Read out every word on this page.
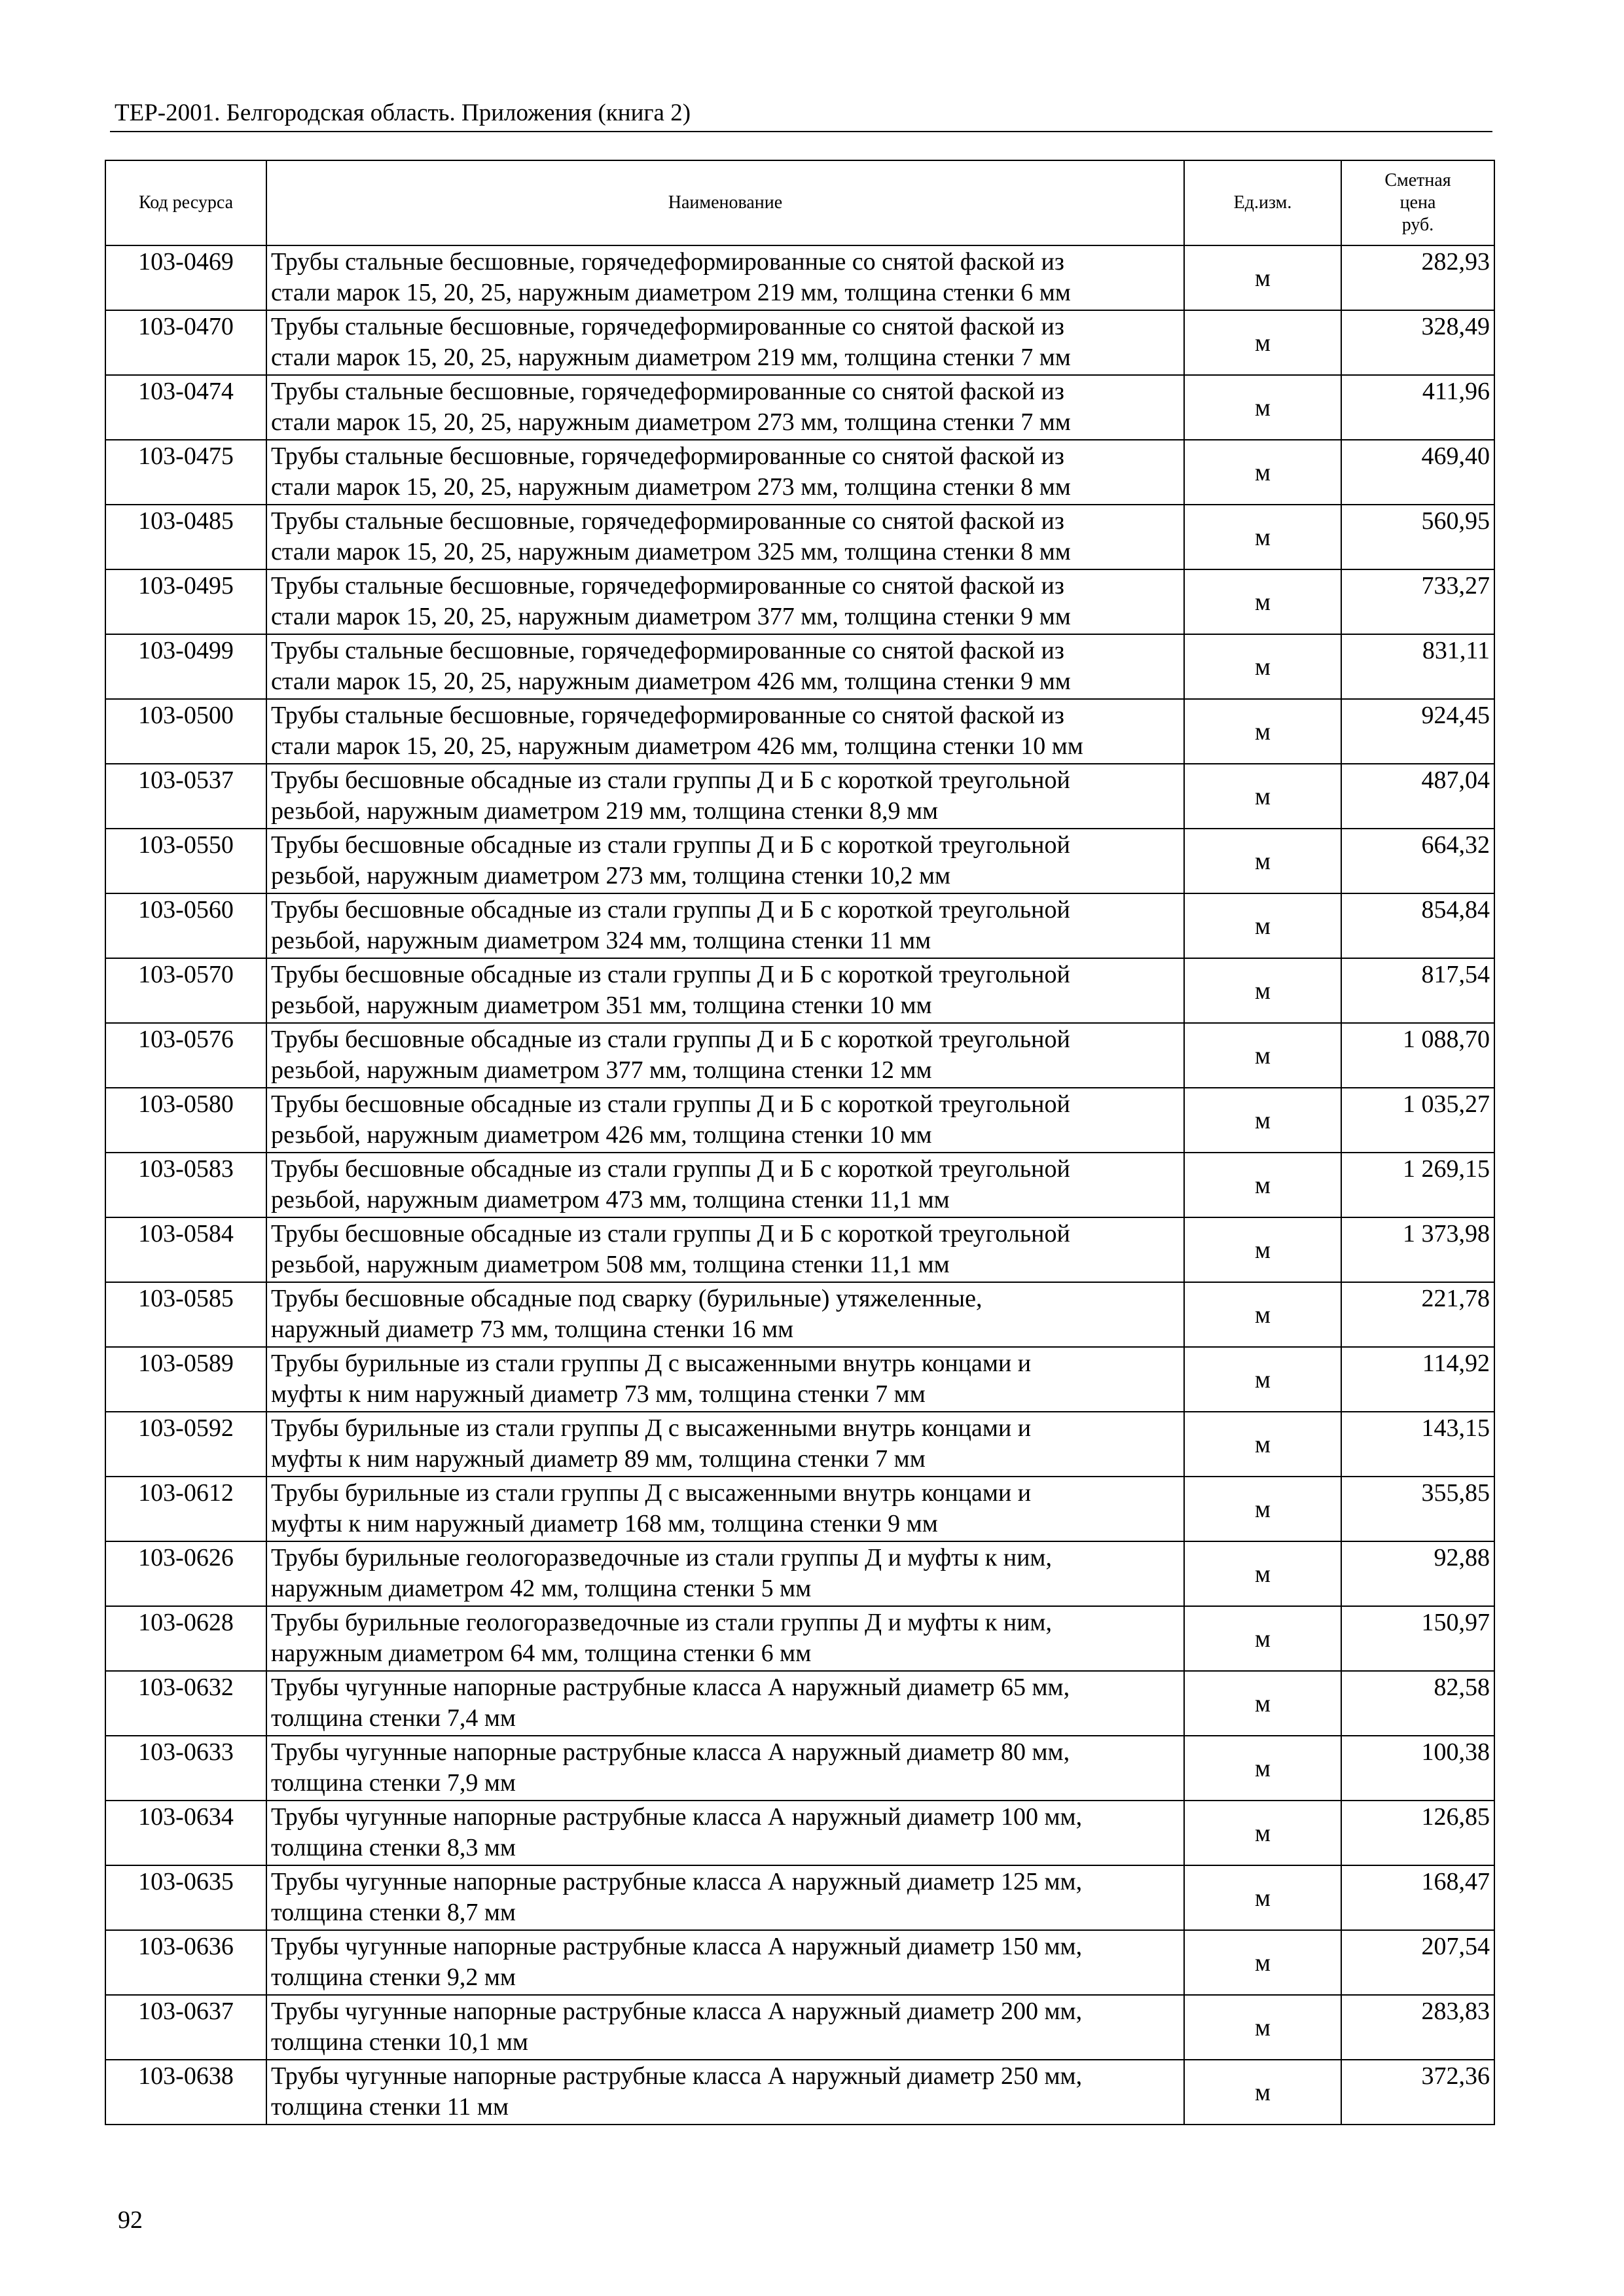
ТЕР-2001. Белгородская область. Приложения (книга 2)
Код ресурса	Наименование	Ед.изм.	Сметная
цена
руб.

103-0469	Трубы стальные бесшовные, горячедеформированные со снятой фаской из
стали марок 15, 20, 25, наружным диаметром 219 мм, толщина стенки 6 мм	м	282,93
103-0470	Трубы стальные бесшовные, горячедеформированные со снятой фаской из
стали марок 15, 20, 25, наружным диаметром 219 мм, толщина стенки 7 мм	м	328,49
103-0474	Трубы стальные бесшовные, горячедеформированные со снятой фаской из
стали марок 15, 20, 25, наружным диаметром 273 мм, толщина стенки 7 мм	м	411,96
103-0475	Трубы стальные бесшовные, горячедеформированные со снятой фаской из
стали марок 15, 20, 25, наружным диаметром 273 мм, толщина стенки 8 мм	м	469,40
103-0485	Трубы стальные бесшовные, горячедеформированные со снятой фаской из
стали марок 15, 20, 25, наружным диаметром 325 мм, толщина стенки 8 мм	м	560,95
103-0495	Трубы стальные бесшовные, горячедеформированные со снятой фаской из
стали марок 15, 20, 25, наружным диаметром 377 мм, толщина стенки 9 мм	м	733,27
103-0499	Трубы стальные бесшовные, горячедеформированные со снятой фаской из
стали марок 15, 20, 25, наружным диаметром 426 мм, толщина стенки 9 мм	м	831,11
103-0500	Трубы стальные бесшовные, горячедеформированные со снятой фаской из
стали марок 15, 20, 25, наружным диаметром 426 мм, толщина стенки 10 мм	м	924,45
103-0537	Трубы бесшовные обсадные из стали группы Д и Б с короткой треугольной
резьбой, наружным диаметром 219 мм, толщина стенки 8,9 мм	м	487,04
103-0550	Трубы бесшовные обсадные из стали группы Д и Б с короткой треугольной
резьбой, наружным диаметром 273 мм, толщина стенки 10,2 мм	м	664,32
103-0560	Трубы бесшовные обсадные из стали группы Д и Б с короткой треугольной
резьбой, наружным диаметром 324 мм, толщина стенки 11 мм	м	854,84
103-0570	Трубы бесшовные обсадные из стали группы Д и Б с короткой треугольной
резьбой, наружным диаметром 351 мм, толщина стенки 10 мм	м	817,54
103-0576	Трубы бесшовные обсадные из стали группы Д и Б с короткой треугольной
резьбой, наружным диаметром 377 мм, толщина стенки 12 мм	м	1 088,70
103-0580	Трубы бесшовные обсадные из стали группы Д и Б с короткой треугольной
резьбой, наружным диаметром 426 мм, толщина стенки 10 мм	м	1 035,27
103-0583	Трубы бесшовные обсадные из стали группы Д и Б с короткой треугольной
резьбой, наружным диаметром 473 мм, толщина стенки 11,1 мм	м	1 269,15
103-0584	Трубы бесшовные обсадные из стали группы Д и Б с короткой треугольной
резьбой, наружным диаметром 508 мм, толщина стенки 11,1 мм	м	1 373,98
103-0585	Трубы бесшовные обсадные под сварку (бурильные) утяжеленные,
наружный диаметр 73 мм, толщина стенки 16 мм	м	221,78
103-0589	Трубы бурильные из стали группы Д с высаженными внутрь концами и
муфты к ним наружный диаметр 73 мм, толщина стенки 7 мм	м	114,92
103-0592	Трубы бурильные из стали группы Д с высаженными внутрь концами и
муфты к ним наружный диаметр 89 мм, толщина стенки 7 мм	м	143,15
103-0612	Трубы бурильные из стали группы Д с высаженными внутрь концами и
муфты к ним наружный диаметр 168 мм, толщина стенки 9 мм	м	355,85
103-0626	Трубы бурильные геологоразведочные из стали группы Д и муфты к ним,
наружным диаметром 42 мм, толщина стенки 5 мм	м	92,88
103-0628	Трубы бурильные геологоразведочные из стали группы Д и муфты к ним,
наружным диаметром 64 мм, толщина стенки 6 мм	м	150,97
103-0632	Трубы чугунные напорные раструбные класса А наружный диаметр 65 мм,
толщина стенки 7,4 мм	м	82,58
103-0633	Трубы чугунные напорные раструбные класса А наружный диаметр 80 мм,
толщина стенки 7,9 мм	м	100,38
103-0634	Трубы чугунные напорные раструбные класса А наружный диаметр 100 мм,
толщина стенки 8,3 мм	м	126,85
103-0635	Трубы чугунные напорные раструбные класса А наружный диаметр 125 мм,
толщина стенки 8,7 мм	м	168,47
103-0636	Трубы чугунные напорные раструбные класса А наружный диаметр 150 мм,
толщина стенки 9,2 мм	м	207,54
103-0637	Трубы чугунные напорные раструбные класса А наружный диаметр 200 мм,
толщина стенки 10,1 мм	м	283,83
103-0638	Трубы чугунные напорные раструбные класса А наружный диаметр 250 мм,
толщина стенки 11 мм	м	372,36
92
